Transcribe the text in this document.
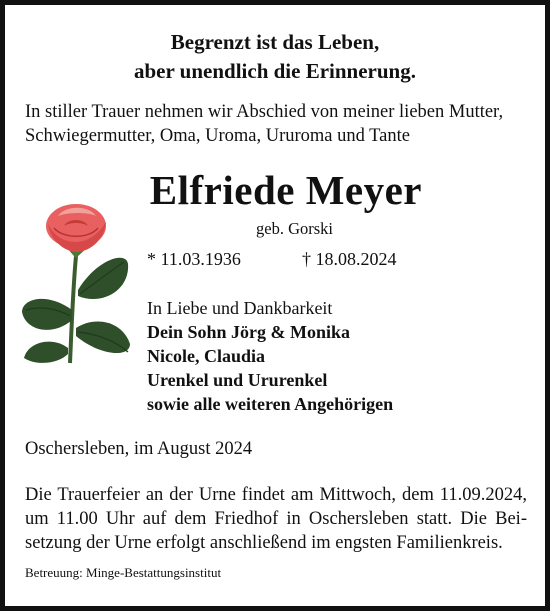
Begrenzt ist das Leben,
aber unendlich die Erinnerung.
In stiller Trauer nehmen wir Abschied von meiner lieben Mutter,
Schwiegermutter, Oma, Uroma, Ururoma und Tante
Elfriede Meyer
geb. Gorski
* 11.03.1936	† 18.08.2024
In Liebe und Dankbarkeit
Dein Sohn Jörg & Monika
Nicole, Claudia
Urenkel und Ururenkel
sowie alle weiteren Angehörigen
Oschersleben, im August 2024
Die Trauerfeier an der Urne findet am Mittwoch, dem 11.09.2024,
um 11.00 Uhr auf dem Friedhof in Oschersleben statt. Die Bei-
setzung der Urne erfolgt anschließend im engsten Familienkreis.
Betreuung: Minge-Bestattungsinstitut
